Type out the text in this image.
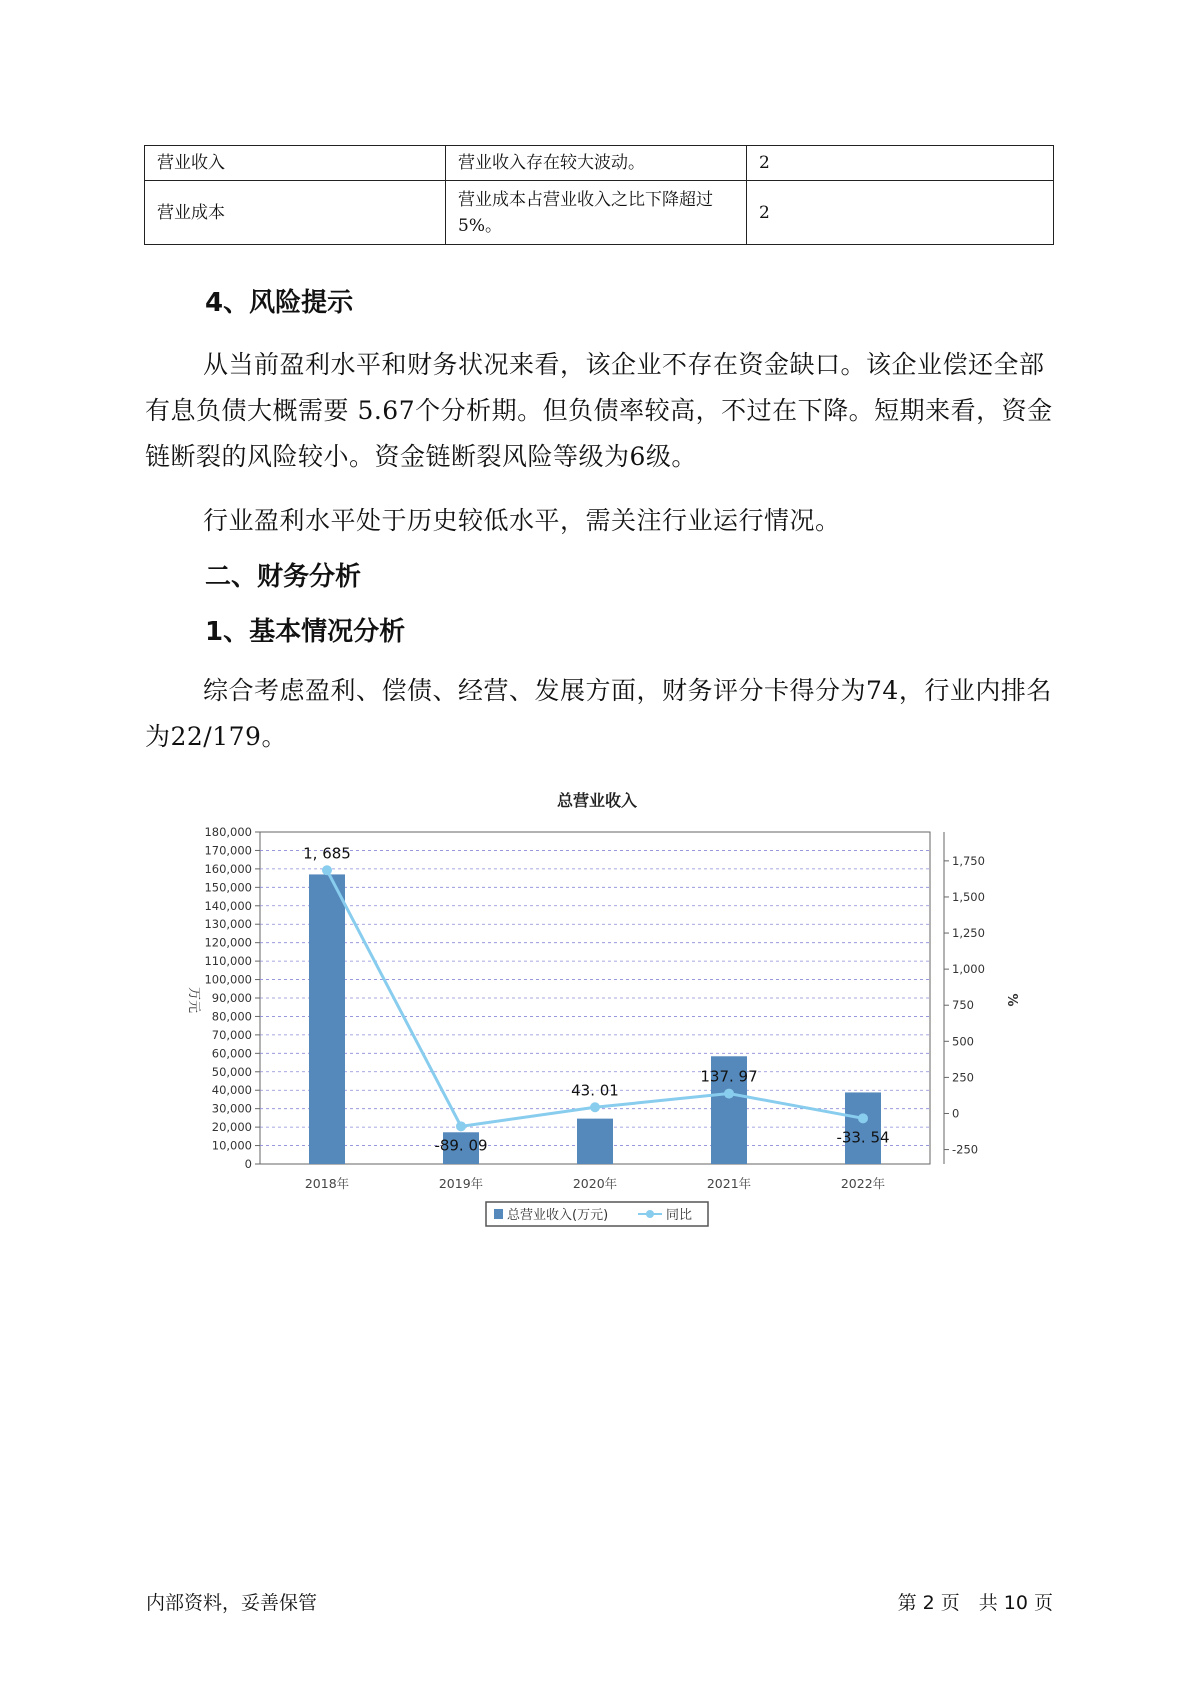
营业收入	营业收入存在较大波动。	2
营业成本	营业成本占营业收入之比下降超过5%。	2
4、风险提示

从当前盈利水平和财务状况来看，该企业不存在资金缺口。该企业偿还全部有息负债大概需要 5.67个分析期。但负债率较高，不过在下降。短期来看，资金链断裂的风险较小。资金链断裂风险等级为6级。

行业盈利水平处于历史较低水平，需关注行业运行情况。

二、财务分析
1、基本情况分析

综合考虑盈利、偿债、经营、发展方面，财务评分卡得分为74，行业内排名为22/179。

总营业收入
1, 685
-89. 09
43. 01
137. 97
-33. 54
0
10,000
20,000
30,000
40,000
50,000
60,000
70,000
80,000
90,000
100,000
110,000
120,000
130,000
140,000
150,000
160,000
170,000
180,000
-250
0
250
500
750
1,000
1,250
1,500
1,750
2018年	2019年	2020年	2021年	2022年
万元	%
总营业收入(万元)	同比
内部资料，妥善保管	第 2 页　共 10 页
